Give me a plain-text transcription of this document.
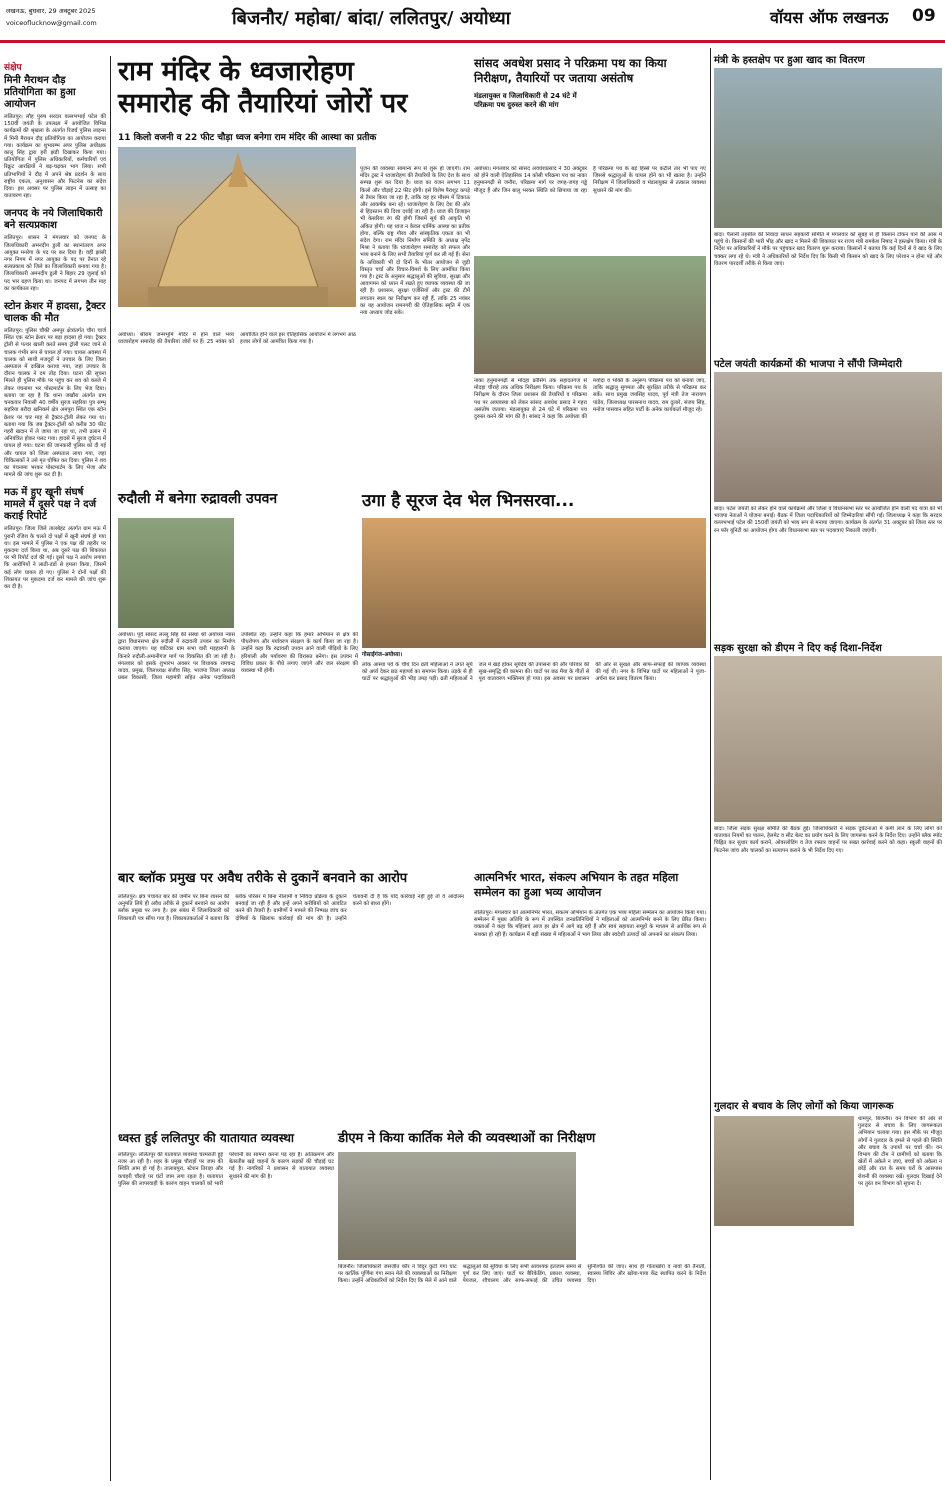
लखनऊ, बुधवार, 29 अक्टूबर 2025
voiceoflucknow@gmail.com	बिजनौर/ महोबा/ बांदा/ ललितपुर/ अयोध्या	वॉयस ऑफ लखनऊ 09
संक्षेप
मिनी मैराथन दौड़ प्रतियोगिता का हुआ आयोजन
ललितपुर। लौह पुरुष सरदार वल्लभभाई पटेल की 150वीं जयंती के उपलक्ष्य में आयोजित विभिन्न कार्यक्रमों की श्रृंखला के अंतर्गत रिजर्व पुलिस लाइन्स में मिनी मैराथन दौड़ प्रतियोगिता का आयोजन कराया गया। कार्यक्रम का शुभारम्भ अपर पुलिस अधीक्षक कालू सिंह द्वारा हरी झंडी दिखाकर किया गया। प्रतियोगिता में पुलिस अधिकारियों, कर्मचारियों एवं रिक्रूट आरक्षियों ने बढ़-चढ़कर भाग लिया। सभी प्रतिभागियों ने दौड़ में अपने श्रेष्ठ प्रदर्शन के साथ राष्ट्रीय एकता, अनुशासन और फिटनेस का संदेश दिया। इस अवसर पर पुलिस लाइन में उत्साह का वातावरण रहा।
जनपद के नये जिलाधिकारी बने सत्यप्रकाश
ललितपुर। शासन ने मंगलवार को जनपद के जिलाधिकारी अमनदीप डुली का स्थानांतरण अपर आयुक्त मनरेगा के पद पर कर दिया है। वहीं झांसी नगर निगम में नगर आयुक्त के पद पर तैनात रहे सत्यप्रकाश को जिले का जिलाधिकारी बनाया गया है। जिलाधिकारी अमनदीप डुली ने बिहार 29 जुलाई को पद भार ग्रहण किया था। जनपद में लगभग तीन माह का कार्यकाल रहा।
स्टोन क्रेशर में हादसा, ट्रैक्टर चालक की मौत
ललितपुर। पुलिस चौकी अमपुर क्षेत्रांतर्गत चौरा चार्ज स्थित एक स्टोन क्रेशर पर बड़ा हादसा हो गया। ट्रैक्टर ट्रॉली से पत्थर खाली करते समय ट्रॉली पलट जाने से चालक गंभीर रूप से घायल हो गया। घायल अवस्था में चालक को साथी मजदूरों ने उपचार के लिए जिला अस्पताल में दाखिल कराया गया, जहां उपचार के दौरान चालक ने दम तोड़ दिया। घटना की सूचना मिलते ही पुलिस मौके पर पहुंच कर शव को कब्जे में लेकर पंचनामा भर पोस्टमार्टम के लिए भेज दिया। बताया जा रहा है कि थाना जखौरा अंतर्गत ग्राम चनकवार निवासी 40 वर्षीय सुरज सहरिया पुत्र सम्भू सहरिया बरौदा खनिकर्म क्षेत्र अमपुरा स्थित एक स्टोन क्रेशर पर चार माह से ट्रैक्टर-ट्रॉली लेकर गया था। बताया गया कि जब ट्रैक्टर-ट्रॉली को करीब 30 फीट गहरी खदान में ले जाया जा रहा था, तभी ढलान में अनियंत्रित होकर पलट गया। हादसे में सुरज दुर्घटना में घायल हो गया। घटना की जानकारी पुलिस को दी गई और घायल को जिला अस्पताल लाया गया, जहां चिकित्सकों ने उसे मृत घोषित कर दिया। पुलिस ने शव का पंचनामा भरकर पोस्टमार्टम के लिए भेजा और मामले की जांच शुरू कर दी है।
मऊ में हुए खूनी संघर्ष मामले में दूसरे पक्ष ने दर्ज कराई रिपोर्ट
ललितपुर। जिला जिले तालबेहट अंतर्गत ग्राम मऊ में पुरानी रंजिश के चलते दो पक्षों में खूनी संघर्ष हो गया था। इस मामले में पुलिस ने एक पक्ष की तहरीर पर मुकदमा दर्ज किया था, अब दूसरे पक्ष की शिकायत पर भी रिपोर्ट दर्ज की गई। दूसरे पक्ष ने आरोप लगाया कि आरोपियों ने लाठी-डंडों से हमला किया, जिसमें कई लोग घायल हो गए। पुलिस ने दोनों पक्षों की शिकायत पर मुकदमा दर्ज कर मामले की जांच शुरू कर दी है।
राम मंदिर के ध्वजारोहण
समारोह की तैयारियां जोरों पर
11 किलो वजनी व 22 फीट चौड़ा ध्वज बनेगा राम मंदिर की आस्था का प्रतीक
पूजन की व्यवस्था सामान्य रूप से शुरू हो जाएगी। राम मंदिर ट्रस्ट ने ध्वजारोहण की तैयारियों के लिए देश के साथ सम्पन्न शुरू कर दिया है। ध्वज का वजन लगभग 11 किलो और चौड़ाई 22 फीट होगी। इसे विशेष पैराशूट कपड़े से तैयार किया जा रहा है, ताकि वह हर मौसम में टिकाऊ और आकर्षक बना रहे। ध्वजारोहण के लिए देश की ओर से हिंदस्तान की दिशा दर्शाई जा रही है। ध्वज की डिजाइन भी केसरिया रंग की होगी जिसमें सूर्य की आकृति भी अंकित होगी। यह ध्वज न केवल धार्मिक आस्था का प्रतीक होगा, बल्कि राष्ट्र गौरव और सांस्कृतिक एकता का भी संदेश देगा। राम मंदिर निर्माण समिति के अध्यक्ष नृपेंद्र मिश्रा ने बताया कि ध्वजारोहण समारोह को सफल और भव्य बनाने के लिए सभी तैयारियां पूर्ण कर ली गई हैं। सेना के अधिकारी भी दो दिनों के भीतर आयोजन से जुड़ी विस्तृत चर्चा और विचार-विमर्श के लिए आमंत्रित किया गया है। ट्रस्ट के अनुसार श्रद्धालुओं की सुविधा, सुरक्षा और आवागमन को ध्यान में रखते हुए व्यापक व्यवस्था की जा रही है। प्रशासन, सुरक्षा एजेंसियों और ट्रस्ट की टीमें लगातार स्थल का निरीक्षण कर रही हैं, ताकि 25 नवंबर का यह आयोजन रामनगरी की ऐतिहासिक स्मृति में एक नया अध्याय जोड़ सके।
अयोध्या। श्रीराम जन्मभूमि मंदिर में होने वाले भव्य ध्वजारोहण समारोह की तैयारियां जोरों पर हैं। 25 नवंबर को आयोजित होने वाले इस ऐतिहासिक आयोजन में लगभग आठ हजार लोगों को आमंत्रित किया गया है।
सांसद अवधेश प्रसाद ने परिक्रमा पथ का किया निरीक्षण, तैयारियों पर जताया असंतोष
मंडलायुक्त व जिलाधिकारी से 24 घंटे में परिक्रमा पथ दुरुस्त करने की मांग
अयोध्या। मंगलवार को सांसद अवधेशप्रसाद ने 30 अक्टूबर को होने वाली ऐतिहासिक 14 कोसी परिक्रमा पथ का नाका हनुमानगढ़ी से जनौरा, परिक्रमा मार्ग पर जगह-जगह गड्ढे मौजूद हैं और जिन बालू भरकर स्थिति को छिपाया जा रहा है परिक्रमा पथ के बड़े हिस्से पर कटीले तार भी पाए गए जिससे श्रद्धालुओं के घायल होने का भी खतरा है। उन्होंने निरीक्षण में जिलाधिकारी व मंडलायुक्त से तत्काल व्यवस्था सुधारने की मांग की।
नाका हनुमानगढ़ी से मोदहा क्रॉसिंग तक सहादतगंज से मोदहा चौराहे तक अधिक निरीक्षण किया। परिक्रमा पथ के निरीक्षण के दौरान जिला प्रशासन की तैयारियों व परिक्रमा पथ पर अव्यवस्था को लेकर सांसद अवधेश प्रसाद ने गहरा असंतोष जताया। मंडलायुक्त से 24 घंटे में परिक्रमा पथ दुरुस्त करने की मांग की है। सांसद ने कहा कि अयोध्या की मर्यादा व भक्ति के अनुरूप परिक्रमा पथ को बनाया जाए, ताकि श्रद्धालु सुगमता और सुरक्षित तरीके से परिक्रमा कर सकें। साथ प्रमुख जयसिंह यादव, पूर्व मंत्री तेज नारायण पांडेय, जिलाध्यक्ष पारसनाथ यादव, राम दुलारे, संजय सिंह, मनोज पासवान सहित पार्टी के अनेक कार्यकर्ता मौजूद रहे।
मंत्री के हस्तक्षेप पर हुआ खाद का वितरण
बांदा। पैलानी तहसील की निवादा साधन सहकारी समिति में मंगलवार को सुबह से ही किसान टोकन पाने की आस में पहुंचे थे। किसानों की भारी भीड़ और खाद न मिलने की शिकायत पर राज्य मंत्री रामकेश निषाद ने हस्तक्षेप किया। मंत्री के निर्देश पर अधिकारियों ने मौके पर पहुंचकर खाद वितरण शुरू कराया। किसानों ने बताया कि कई दिनों से वे खाद के लिए चक्कर लगा रहे थे। मंत्री ने अधिकारियों को निर्देश दिए कि किसी भी किसान को खाद के लिए परेशान न होना पड़े और वितरण पारदर्शी तरीके से किया जाए।
पटेल जयंती कार्यक्रमों की भाजपा ने सौंपी जिम्मेदारी
बांदा। पटेल जयंती को लेकर होने वाले कार्यक्रमों और जिला व विधानसभा स्तर पर आयोजित होने वाली पद यात्रा को भी भाजपा नेताओं ने योजना बनाई। बैठक में जिला पदाधिकारियों को जिम्मेदारियां सौंपी गईं। जिलाध्यक्ष ने कहा कि सरदार वल्लभभाई पटेल की 150वीं जयंती को भव्य रूप से मनाया जाएगा। कार्यक्रम के अंतर्गत 31 अक्टूबर को जिला स्तर पर रन फॉर यूनिटी का आयोजन होगा और विधानसभा स्तर पर पदयात्राएं निकाली जाएंगी।
सड़क सुरक्षा को डीएम ने दिए कई दिशा-निर्देश
बांदा। जिला सड़क सुरक्षा समिति की बैठक हुई। जिलाधिकारी ने सड़क दुर्घटनाओं में कमी लाने के लिए लोगों को यातायात नियमों का पालन, हेलमेट व सीट बेल्ट का प्रयोग करने के लिए जागरूक करने के निर्देश दिए। उन्होंने ब्लैक स्पॉट चिह्नित कर सुधार कार्य कराने, ओवरलोडिंग व तेज रफ्तार वाहनों पर सख्त कार्रवाई करने को कहा। स्कूली वाहनों की फिटनेस जांच और चालकों का सत्यापन कराने के भी निर्देश दिए गए।
गुलदार से बचाव के लिए लोगों को किया जागरूक
धामपुर, बिजनौर। वन विभाग की ओर से गुलदार से बचाव के लिए जागरूकता अभियान चलाया गया। इस मौके पर मौजूद लोगों ने गुलदार के हमले से पहले की स्थिति और बचाव के उपायों पर चर्चा की। वन विभाग की टीम ने ग्रामीणों को बताया कि खेतों में अकेले न जाएं, बच्चों को अकेला न छोड़ें और रात के समय घरों के आसपास रोशनी की व्यवस्था रखें। गुलदार दिखाई देने पर तुरंत वन विभाग को सूचना दें।
रुदौली में बनेगा रुद्रावली उपवन
अयोध्या। पूर्व सांसद लल्लू सिंह की संस्था श्री अयोध्या न्यास द्वारा विधानसभा क्षेत्र रुदौली में रुद्रावली उपवन का निर्माण कराया जाएगा। यह वाटिका ग्राम सभा वारी मड़हारानी के किनारे रुदौली-अमानीगंज मार्ग पर विकसित की जा रही है। मंगलवार को इसके शुभारंभ अवसर पर विधायक रामचन्द्र यादव, प्रमुख, जिलाध्यक्ष संजीव सिंह, भाजपा जिला अध्यक्ष प्रबल विकासी, जिला महामंत्री सहित अनेक पदाधिकारी उपस्थित रहे। उन्होंने कहा कि हमारे अभियान से क्षेत्र की पौधरोपण और पर्यावरण संरक्षण के कार्य किया जा रहा है। उन्होंने कहा कि रुद्रावली उपवन आने वाली पीढ़ियों के लिए हरियाली और पर्यावरण की विरासत बनेगा। इस उपवन में विविध प्रकार के पौधे लगाए जाएंगे और जल संरक्षण की व्यवस्था भी होगी।
उगा है सूरज देव भेल भिनसरवा...
गोसाईगंज-अयोध्या।
लोक आस्था पर्व के चौथे दिन व्रती महिलाओं ने उगते सूर्य को अर्घ्य देकर छठ महापर्व का समापन किया। तड़के से ही घाटों पर श्रद्धालुओं की भीड़ उमड़ पड़ी। व्रती महिलाओं ने जल में खड़े होकर सूर्यदेव की उपासना की और परिवार की सुख-समृद्धि की कामना की। घाटों पर छठ मैया के गीतों से पूरा वातावरण भक्तिमय हो गया। इस अवसर पर प्रशासन की ओर से सुरक्षा और साफ-सफाई की व्यापक व्यवस्था की गई थी। नगर के विभिन्न घाटों पर महिलाओं ने पूजा-अर्चना कर प्रसाद वितरण किया।
बार ब्लॉक प्रमुख पर अवैध तरीके से दुकानें बनवाने का आरोप
ललितपुर। क्षेत्र पंचायत बार की जमीन पर बिना शासन की अनुमति लिये ही अवैध तरीके से दुकानें बनवाने का आरोप ब्लॉक प्रमुख पर लगा है। इस संबंध में जिलाधिकारी को शिकायती पत्र सौंपा गया है। शिकायतकर्ताओं ने बताया कि ब्लॉक परिसर में बिना नीलामी व निविदा प्रक्रिया के दुकानें बनवाई जा रही हैं और इन्हें अपने करीबियों को आवंटित करने की तैयारी है। ग्रामीणों ने मामले की निष्पक्ष जांच कर दोषियों के खिलाफ कार्रवाई की मांग की है। उन्होंने चेतावनी दी है कि यदि कार्रवाई नहीं हुई तो वे आंदोलन करने को बाध्य होंगे।
आत्मनिर्भर भारत, संकल्प अभियान के तहत महिला सम्मेलन का हुआ भव्य आयोजन
ललितपुर। मंगलवार को आत्मनिर्भर भारत, संकल्प अभियान के अंतर्गत एक भव्य महिला सम्मेलन का आयोजन किया गया। सम्मेलन में मुख्य अतिथि के रूप में उपस्थित जनप्रतिनिधियों ने महिलाओं को आत्मनिर्भर बनने के लिए प्रेरित किया। वक्ताओं ने कहा कि महिलाएं आज हर क्षेत्र में आगे बढ़ रही हैं और स्वयं सहायता समूहों के माध्यम से आर्थिक रूप से सशक्त हो रही हैं। कार्यक्रम में बड़ी संख्या में महिलाओं ने भाग लिया और स्वदेशी उत्पादों को अपनाने का संकल्प लिया।
ध्वस्त हुई ललितपुर की यातायात व्यवस्था
ललितपुर। ललितपुर की यातायात व्यवस्था चरमराती हुई नजर आ रही है। शहर के प्रमुख चौराहों पर जाम की स्थिति आम हो गई है। तालाबपुरा, स्टेशन तिराहा और कचहरी चौराहे पर घंटों जाम लगा रहता है। यातायात पुलिस की लापरवाही के कारण वाहन चालकों को भारी परेशानी का सामना करना पड़ रहा है। अतिक्रमण और बेतरतीब खड़े वाहनों के कारण सड़कों की चौड़ाई घट गई है। नागरिकों ने प्रशासन से यातायात व्यवस्था सुधारने की मांग की है।
डीएम ने किया कार्तिक मेले की व्यवस्थाओं का निरीक्षण
बिजनौर। जिलाधिकारी जसजीत कौर ने विदुर कुटी गंगा घाट पर कार्तिक पूर्णिमा गंगा स्नान मेले की व्यवस्थाओं का निरीक्षण किया। उन्होंने अधिकारियों को निर्देश दिए कि मेले में आने वाले श्रद्धालुओं की सुविधा के लिए सभी आवश्यक इंतजाम समय से पूर्ण कर लिए जाएं। घाटों पर बैरिकेडिंग, प्रकाश व्यवस्था, पेयजल, शौचालय और साफ-सफाई की उचित व्यवस्था सुनिश्चित की जाए। साथ ही गोताखोरों व नावों की तैनाती, स्वास्थ्य शिविर और खोया-पाया केंद्र स्थापित करने के निर्देश दिए।
